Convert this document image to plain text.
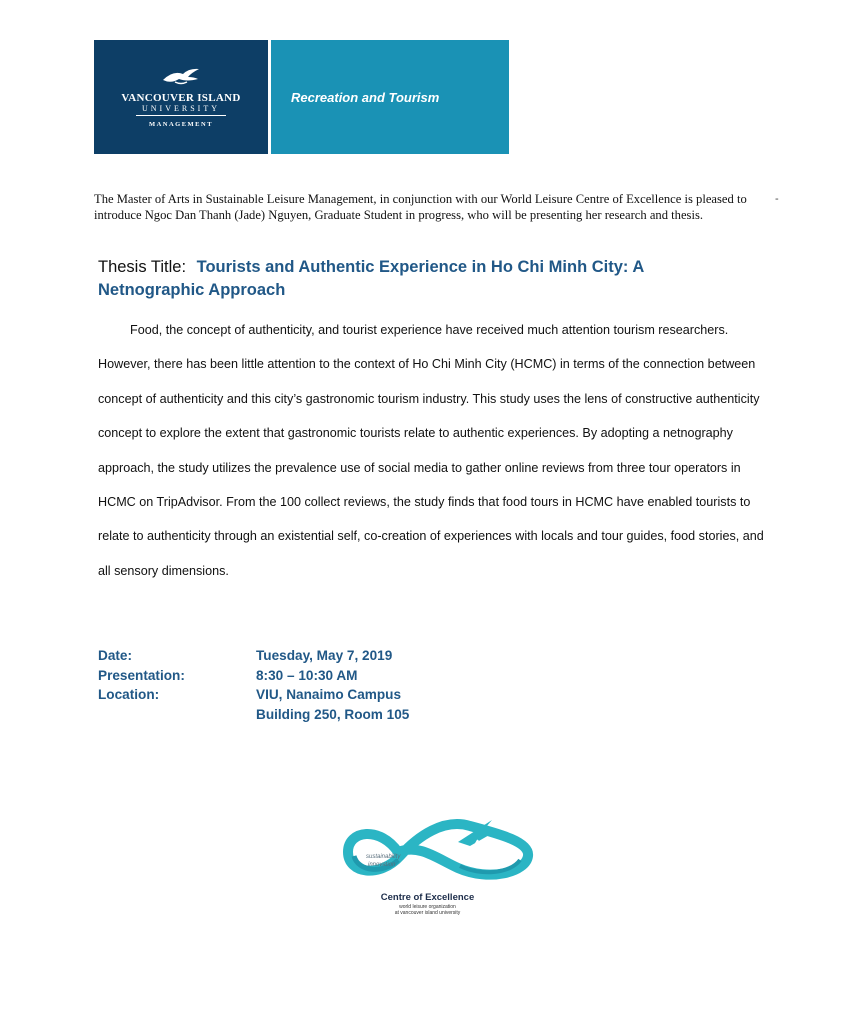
VANCOUVER ISLAND
UNIVERSITY
MANAGEMENT
Recreation and Tourism
The Master of Arts in Sustainable Leisure Management, in conjunction with our World Leisure Centre of Excellence is pleased to introduce Ngoc Dan Thanh (Jade) Nguyen, Graduate Student in progress, who will be presenting her research and thesis.
-
Thesis Title: Tourists and Authentic Experience in Ho Chi Minh City: A Netnographic Approach
Food, the concept of authenticity, and tourist experience have received much attention tourism researchers. However, there has been little attention to the context of Ho Chi Minh City (HCMC) in terms of the connection between concept of authenticity and this city’s gastronomic tourism industry. This study uses the lens of constructive authenticity concept to explore the extent that gastronomic tourists relate to authentic experiences. By adopting a netnography approach, the study utilizes the prevalence use of social media to gather online reviews from three tour operators in HCMC on TripAdvisor. From the 100 collect reviews, the study finds that food tours in HCMC have enabled tourists to relate to authenticity through an existential self, co-creation of experiences with locals and tour guides, food stories, and all sensory dimensions.
Date:	Tuesday, May 7, 2019
Presentation:	8:30 – 10:30 AM
Location:	VIU, Nanaimo Campus
Building 250, Room 105
sustainability
innovation
Centre of Excellence
world leisure organization
at vancouver island university
